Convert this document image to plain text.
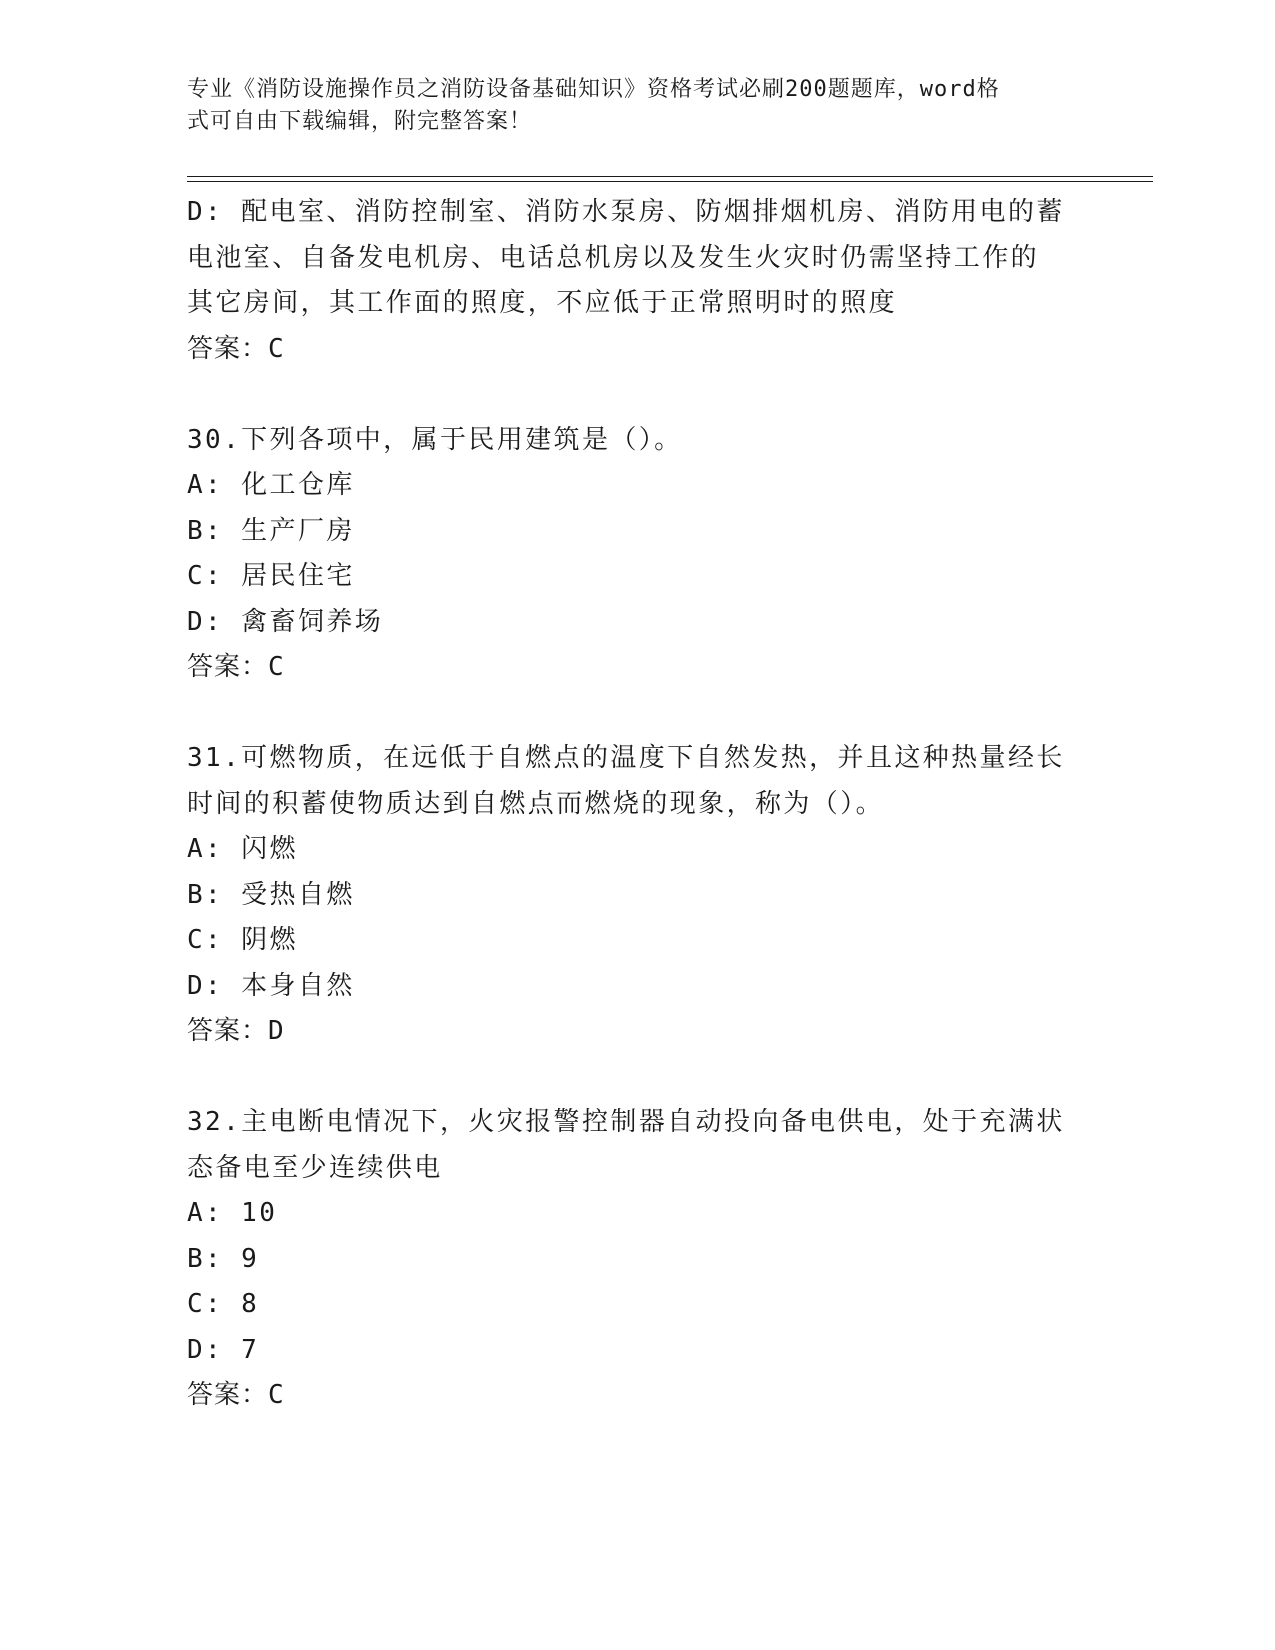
专业《消防设施操作员之消防设备基础知识》资格考试必刷200题题库，word格
式可自由下载编辑，附完整答案！
D: 配电室、消防控制室、消防水泵房、防烟排烟机房、消防用电的蓄
电池室、自备发电机房、电话总机房以及发生火灾时仍需坚持工作的
其它房间，其工作面的照度，不应低于正常照明时的照度
答案：C
30.下列各项中，属于民用建筑是（）。
A: 化工仓库
B: 生产厂房
C: 居民住宅
D: 禽畜饲养场
答案：C
31.可燃物质，在远低于自燃点的温度下自然发热，并且这种热量经长
时间的积蓄使物质达到自燃点而燃烧的现象，称为（）。
A: 闪燃
B: 受热自燃
C: 阴燃
D: 本身自然
答案：D
32.主电断电情况下，火灾报警控制器自动投向备电供电，处于充满状
态备电至少连续供电
A: 10
B: 9
C: 8
D: 7
答案：C
